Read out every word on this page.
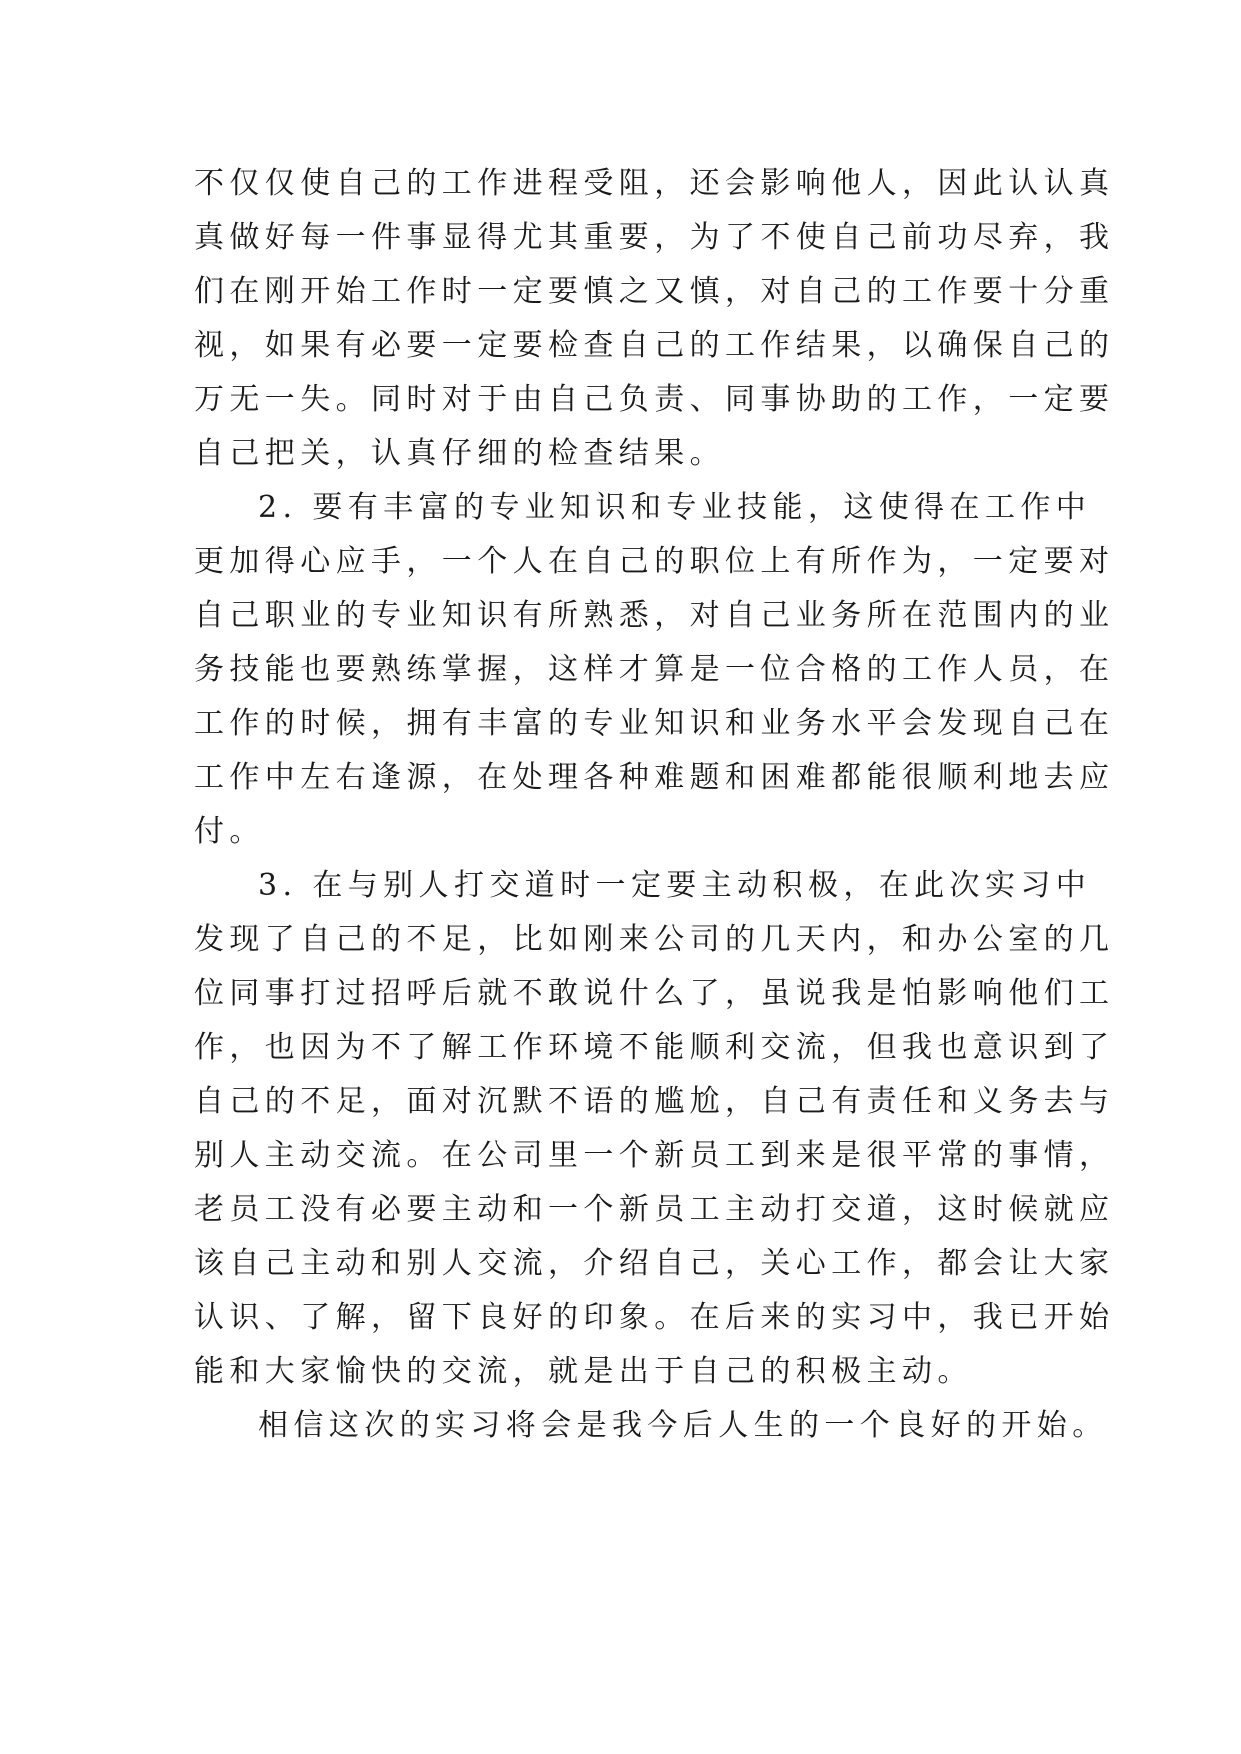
不仅仅使自己的工作进程受阻，还会影响他人，因此认认真
真做好每一件事显得尤其重要，为了不使自己前功尽弃，我
们在刚开始工作时一定要慎之又慎，对自己的工作要十分重
视，如果有必要一定要检查自己的工作结果，以确保自己的
万无一失。同时对于由自己负责、同事协助的工作，一定要
自己把关，认真仔细的检查结果。
2. 要有丰富的专业知识和专业技能，这使得在工作中
更加得心应手，一个人在自己的职位上有所作为，一定要对
自己职业的专业知识有所熟悉，对自己业务所在范围内的业
务技能也要熟练掌握，这样才算是一位合格的工作人员，在
工作的时候，拥有丰富的专业知识和业务水平会发现自己在
工作中左右逢源，在处理各种难题和困难都能很顺利地去应
付。
3. 在与别人打交道时一定要主动积极，在此次实习中
发现了自己的不足，比如刚来公司的几天内，和办公室的几
位同事打过招呼后就不敢说什么了，虽说我是怕影响他们工
作，也因为不了解工作环境不能顺利交流，但我也意识到了
自己的不足，面对沉默不语的尴尬，自己有责任和义务去与
别人主动交流。在公司里一个新员工到来是很平常的事情，
老员工没有必要主动和一个新员工主动打交道，这时候就应
该自己主动和别人交流，介绍自己，关心工作，都会让大家
认识、了解，留下良好的印象。在后来的实习中，我已开始
能和大家愉快的交流，就是出于自己的积极主动。
相信这次的实习将会是我今后人生的一个良好的开始。
